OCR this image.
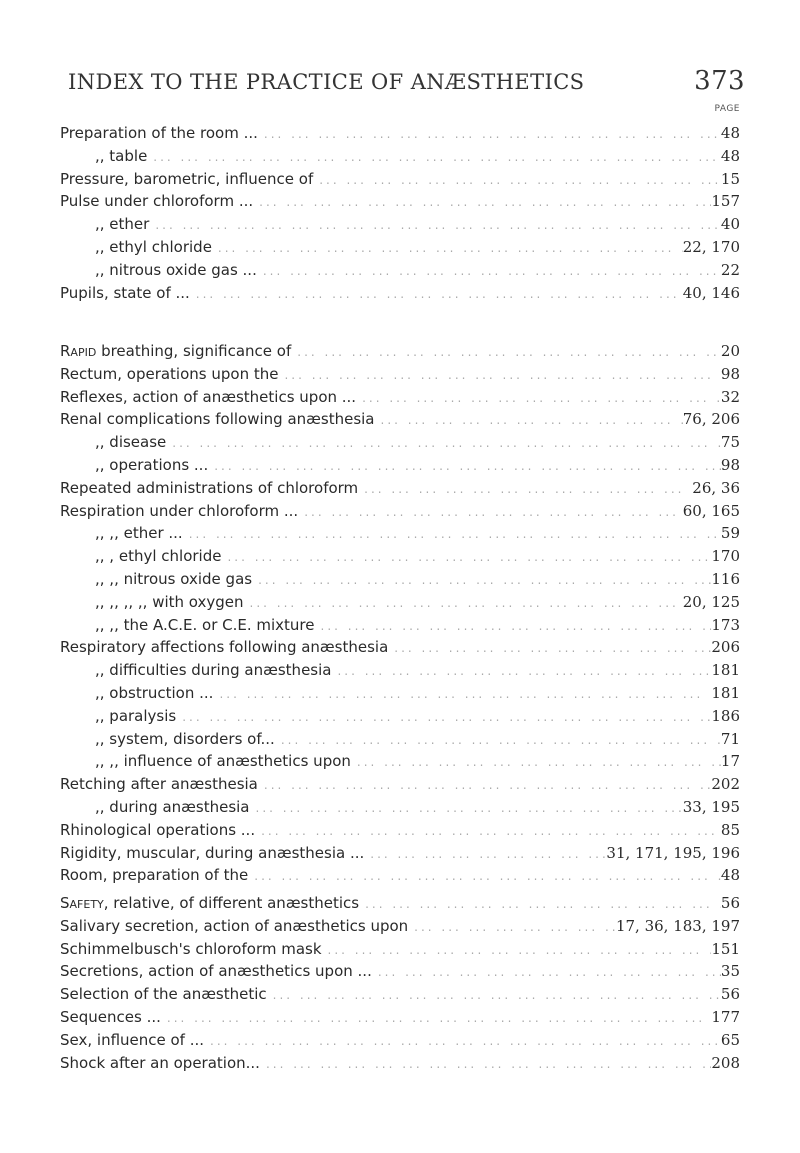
INDEX TO THE PRACTICE OF ANÆSTHETICS	373
PAGE
Preparation of the room ... ... .	48
,, table ... .	48
Pressure, barometric, influence of ... .	15
Pulse under chloroform ... ... .	157
,, ether ... .	40
,, ethyl chloride ... .	22, 170
,, nitrous oxide gas ... ... .	22
Pupils, state of ... ... .	40, 146
Rapid breathing, significance of ... .	20
Rectum, operations upon the ... .	98
Reflexes, action of anæsthetics upon ... ... .	32
Renal complications following anæsthesia ... .	76, 206
,, disease ... .	75
,, operations ... ... .	98
Repeated administrations of chloroform ... .	26, 36
Respiration under chloroform ... ... .	60, 165
,, ,, ether ... ... .	59
,, , ethyl chloride ... .	170
,, ,, nitrous oxide gas ... .	116
,, ,, ,, ,, with oxygen ... .	20, 125
,, ,, the A.C.E. or C.E. mixture ... .	173
Respiratory affections following anæsthesia ... .	206
,, difficulties during anæsthesia ... .	181
,, obstruction ... ... .	181
,, paralysis ... .	186
,, system, disorders of... ... .	71
,, ,, influence of anæsthetics upon ... .	17
Retching after anæsthesia ... .	202
,, during anæsthesia ... .	33, 195
Rhinological operations ... ... .	85
Rigidity, muscular, during anæsthesia ... ... .	31, 171, 195, 196
Room, preparation of the ... .	48
Safety, relative, of different anæsthetics ... .	56
Salivary secretion, action of anæsthetics upon ... .	17, 36, 183, 197
Schimmelbusch's chloroform mask ... .	151
Secretions, action of anæsthetics upon ... ... .	35
Selection of the anæsthetic ... .	56
Sequences ... ... .	177
Sex, influence of ... ... .	65
Shock after an operation... ... .	208
